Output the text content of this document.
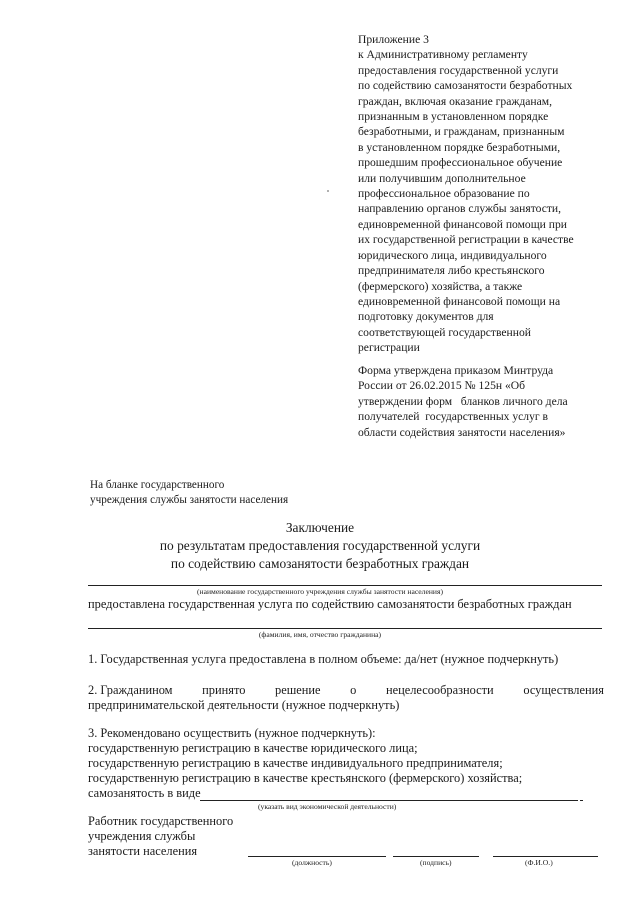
Приложение 3
к Административному регламенту
предоставления государственной услуги
по содействию самозанятости безработных
граждан, включая оказание гражданам,
признанным в установленном порядке
безработными, и гражданам, признанным
в установленном порядке безработными,
прошедшим профессиональное обучение
или получившим дополнительное
профессиональное образование по
направлению органов службы занятости,
единовременной финансовой помощи при
их государственной регистрации в качестве
юридического лица, индивидуального
предпринимателя либо крестьянского
(фермерского) хозяйства, а также
единовременной финансовой помощи на
подготовку документов для
соответствующей государственной
регистрации
Форма утверждена приказом Минтруда
России от 26.02.2015 № 125н «Об
утверждении форм   бланков личного дела
получателей  государственных услуг в
области содействия занятости населения»
На бланке государственного
учреждения службы занятости населения
Заключение
по результатам предоставления государственной услуги
по содействию самозанятости безработных граждан
(наименование государственного учреждения службы занятости населения)
предоставлена государственная услуга по содействию самозанятости безработных граждан
(фамилия, имя, отчество гражданина)
1. Государственная услуга предоставлена в полном объеме: да/нет (нужное подчеркнуть)
2. Гражданином принято решение о нецелесообразности осуществления
предпринимательской деятельности (нужное подчеркнуть)
3. Рекомендовано осуществить (нужное подчеркнуть):
государственную регистрацию в качестве юридического лица;
государственную регистрацию в качестве индивидуального предпринимателя;
государственную регистрацию в качестве крестьянского (фермерского) хозяйства;
самозанятость в виде
(указать вид экономической деятельности)
Работник государственного
учреждения службы
занятости населения
(должность)	(подпись)	(Ф.И.О.)
